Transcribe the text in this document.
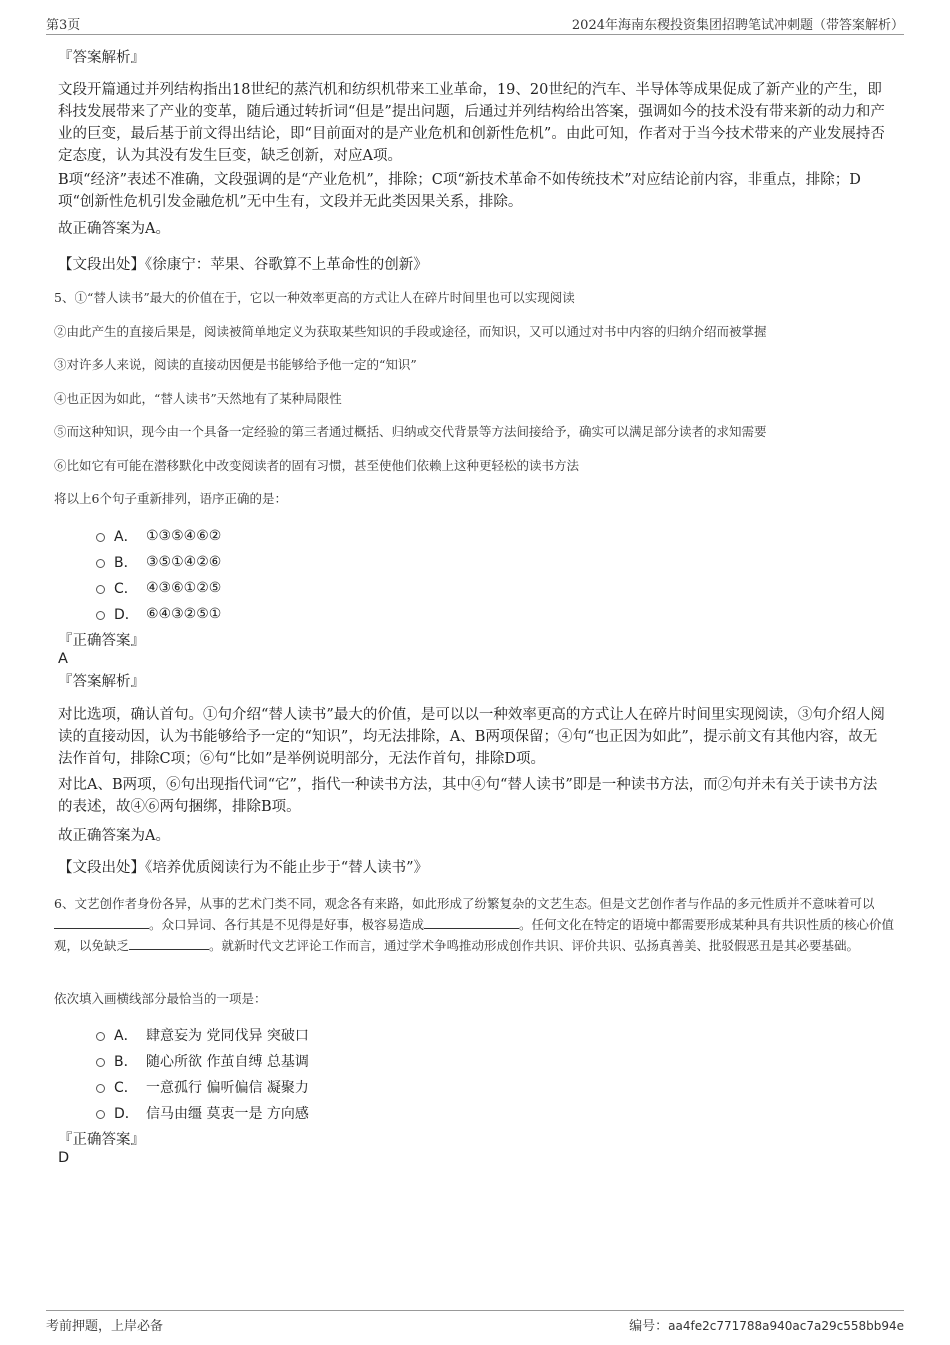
第3页	2024年海南东稷投资集团招聘笔试冲刺题（带答案解析）
『答案解析』
文段开篇通过并列结构指出18世纪的蒸汽机和纺织机带来工业革命，19、20世纪的汽车、半导体等成果促成了新产业的产生，即科技发展带来了产业的变革，随后通过转折词“但是”提出问题，后通过并列结构给出答案，强调如今的技术没有带来新的动力和产业的巨变，最后基于前文得出结论，即“目前面对的是产业危机和创新性危机”。由此可知，作者对于当今技术带来的产业发展持否定态度，认为其没有发生巨变，缺乏创新，对应A项。
B项“经济”表述不准确，文段强调的是“产业危机”，排除；C项“新技术革命不如传统技术”对应结论前内容，非重点，排除；D项“创新性危机引发金融危机”无中生有，文段并无此类因果关系，排除。
故正确答案为A。
【文段出处】《徐康宁：苹果、谷歌算不上革命性的创新》
5、①“替人读书”最大的价值在于，它以一种效率更高的方式让人在碎片时间里也可以实现阅读
②由此产生的直接后果是，阅读被简单地定义为获取某些知识的手段或途径，而知识，又可以通过对书中内容的归纳介绍而被掌握
③对许多人来说，阅读的直接动因便是书能够给予他一定的“知识”
④也正因为如此，“替人读书”天然地有了某种局限性
⑤而这种知识，现今由一个具备一定经验的第三者通过概括、归纳或交代背景等方法间接给予，确实可以满足部分读者的求知需要
⑥比如它有可能在潜移默化中改变阅读者的固有习惯，甚至使他们依赖上这种更轻松的读书方法
将以上6个句子重新排列，语序正确的是：
A． ①③⑤④⑥②
B． ③⑤①④②⑥
C． ④③⑥①②⑤
D． ⑥④③②⑤①
『正确答案』
A
『答案解析』
对比选项，确认首句。①句介绍“替人读书”最大的价值，是可以以一种效率更高的方式让人在碎片时间里实现阅读，③句介绍人阅读的直接动因，认为书能够给予一定的“知识”，均无法排除，A、B两项保留；④句“也正因为如此”，提示前文有其他内容，故无法作首句，排除C项；⑥句“比如”是举例说明部分，无法作首句，排除D项。
对比A、B两项，⑥句出现指代词“它”，指代一种读书方法，其中④句“替人读书”即是一种读书方法，而②句并未有关于读书方法的表述，故④⑥两句捆绑，排除B项。
故正确答案为A。
【文段出处】《培养优质阅读行为不能止步于“替人读书”》
6、文艺创作者身份各异，从事的艺术门类不同，观念各有来路，如此形成了纷繁复杂的文艺生态。但是文艺创作者与作品的多元性质并不意味着可以。众口异词、各行其是不见得是好事，极容易造成	。任何文化在特定的语境中都需要形成某种具有共识性质的核心价值观，以免缺乏	。就新时代文艺评论工作而言，通过学术争鸣推动形成创作共识、评价共识、弘扬真善美、批驳假恶丑是其必要基础。
依次填入画横线部分最恰当的一项是：
A． 肆意妄为 党同伐异 突破口
B． 随心所欲 作茧自缚 总基调
C． 一意孤行 偏听偏信 凝聚力
D． 信马由缰 莫衷一是 方向感
『正确答案』
D
考前押题，上岸必备	编号：aa4fe2c771788a940ac7a29c558bb94e
